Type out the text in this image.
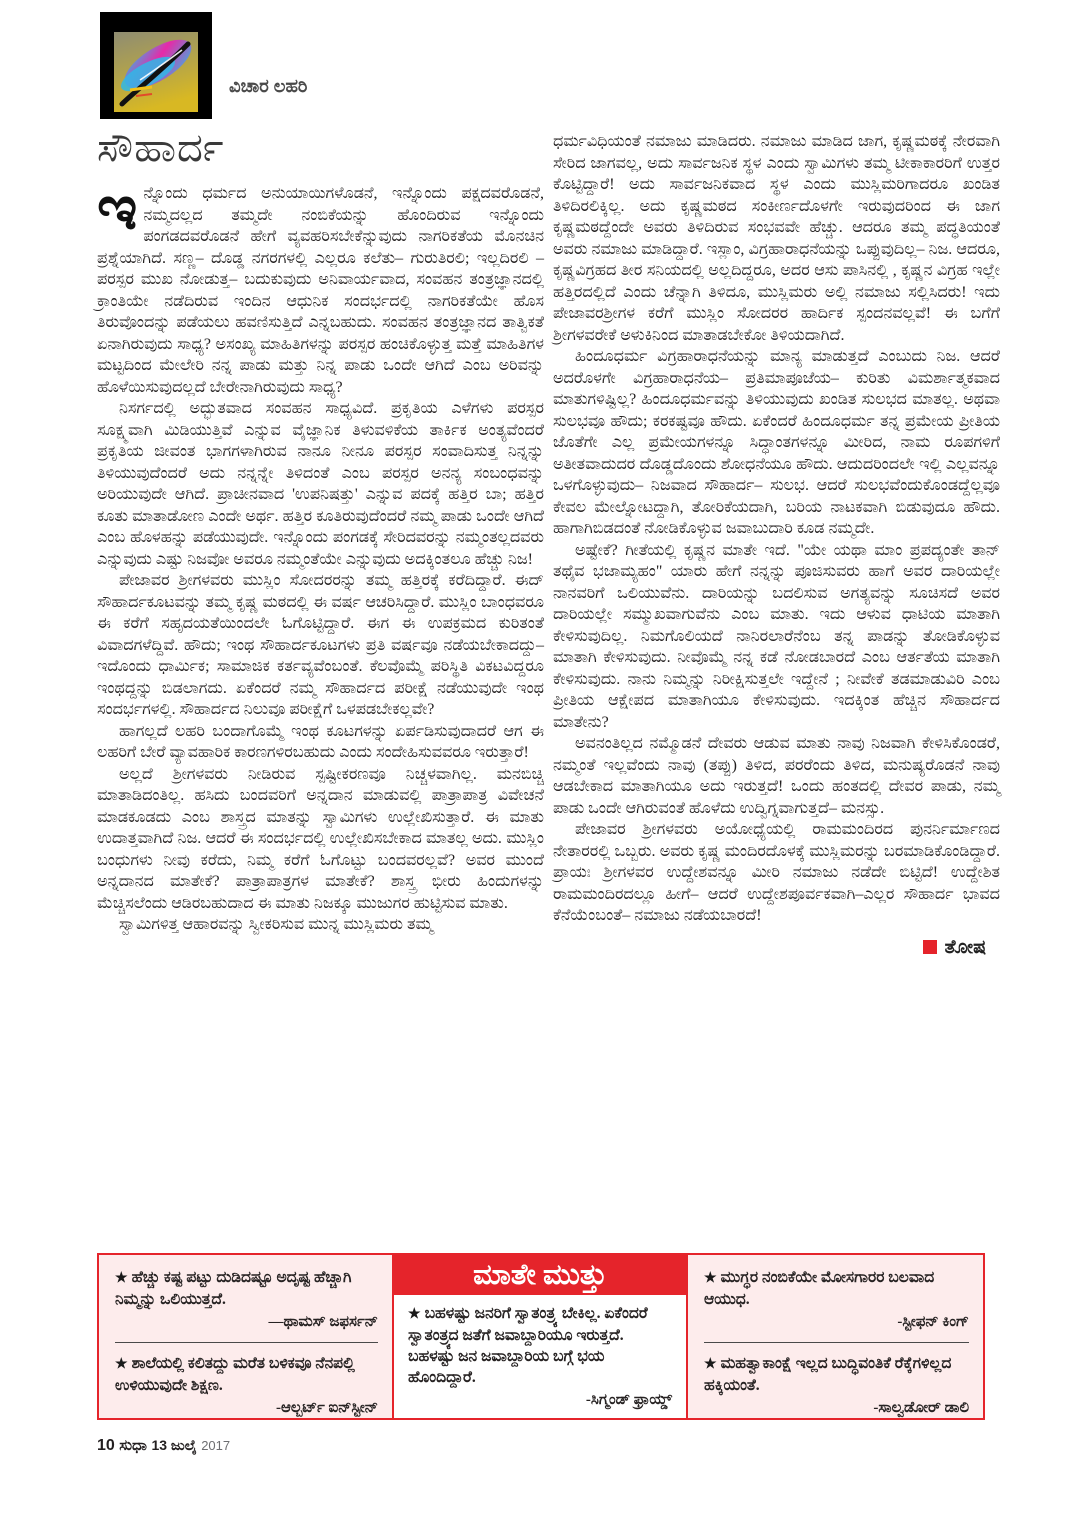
ವಿಚಾರ ಲಹರಿ
ಸೌಹಾರ್ದ

ಇನ್ನೊಂದು ಧರ್ಮದ ಅನುಯಾಯಿಗಳೊಡನೆ, ಇನ್ನೊಂದು ಪಕ್ಷದವರೊಡನೆ, ನಮ್ಮದಲ್ಲದ ತಮ್ಮದೇ ನಂಬಿಕೆಯನ್ನು ಹೊಂದಿರುವ ಇನ್ನೊಂದು ಪಂಗಡದವರೊಡನೆ ಹೇಗೆ ವ್ಯವಹರಿಸಬೇಕೆನ್ನುವುದು ನಾಗರಿಕತೆಯ ಮೊನಚಿನ ಪ್ರಶ್ನೆಯಾಗಿದೆ. ಸಣ್ಣ– ದೊಡ್ಡ ನಗರಗಳಲ್ಲಿ ಎಲ್ಲರೂ ಕಲೆತು– ಗುರುತಿರಲಿ; ಇಲ್ಲದಿರಲಿ –ಪರಸ್ಪರ ಮುಖ ನೋಡುತ್ತ– ಬದುಕುವುದು ಅನಿವಾರ್ಯವಾದ, ಸಂವಹನ ತಂತ್ರಜ್ಞಾನದಲ್ಲಿ ಕ್ರಾಂತಿಯೇ ನಡೆದಿರುವ ಇಂದಿನ ಆಧುನಿಕ ಸಂದರ್ಭದಲ್ಲಿ ನಾಗರಿಕತೆಯೇ ಹೊಸ ತಿರುವೊಂದನ್ನು ಪಡೆಯಲು ಹವಣಿಸುತ್ತಿದೆ ಎನ್ನಬಹುದು. ಸಂವಹನ ತಂತ್ರಜ್ಞಾನದ ತಾತ್ವಿಕತೆ ಏನಾಗಿರುವುದು ಸಾಧ್ಯ? ಅಸಂಖ್ಯ ಮಾಹಿತಿಗಳನ್ನು ಪರಸ್ಪರ ಹಂಚಿಕೊಳ್ಳುತ್ತ ಮತ್ತೆ ಮಾಹಿತಿಗಳ ಮಟ್ಟದಿಂದ ಮೇಲೇರಿ ನನ್ನ ಪಾಡು ಮತ್ತು ನಿನ್ನ ಪಾಡು ಒಂದೇ ಆಗಿದೆ ಎಂಬ ಅರಿವನ್ನು ಹೊಳೆಯಿಸುವುದಲ್ಲದೆ ಬೇರೇನಾಗಿರುವುದು ಸಾಧ್ಯ?

ನಿಸರ್ಗದಲ್ಲಿ ಅದ್ಭುತವಾದ ಸಂವಹನ ಸಾಧ್ಯವಿದೆ. ಪ್ರಕೃತಿಯ ಎಳೆಗಳು ಪರಸ್ಪರ ಸೂಕ್ಷ್ಮವಾಗಿ ಮಿಡಿಯುತ್ತಿವೆ ಎನ್ನುವ ವೈಜ್ಞಾನಿಕ ತಿಳುವಳಿಕೆಯ ತಾರ್ಕಿಕ ಅಂತ್ಯವೆಂದರೆ ಪ್ರಕೃತಿಯ ಜೀವಂತ ಭಾಗಗಳಾಗಿರುವ ನಾನೂ ನೀನೂ ಪರಸ್ಪರ ಸಂವಾದಿಸುತ್ತ ನಿನ್ನನ್ನು ತಿಳಿಯುವುದೆಂದರೆ ಅದು ನನ್ನನ್ನೇ ತಿಳಿದಂತೆ ಎಂಬ ಪರಸ್ಪರ ಅನನ್ಯ ಸಂಬಂಧವನ್ನು ಅರಿಯುವುದೇ ಆಗಿದೆ. ಪ್ರಾಚೀನವಾದ 'ಉಪನಿಷತ್ತು' ಎನ್ನುವ ಪದಕ್ಕೆ ಹತ್ತಿರ ಬಾ; ಹತ್ತಿರ ಕೂತು ಮಾತಾಡೋಣ ಎಂದೇ ಅರ್ಥ. ಹತ್ತಿರ ಕೂತಿರುವುದೆಂದರೆ ನಮ್ಮ ಪಾಡು ಒಂದೇ ಆಗಿದೆ ಎಂಬ ಹೊಳಹನ್ನು ಪಡೆಯುವುದೇ. ಇನ್ನೊಂದು ಪಂಗಡಕ್ಕೆ ಸೇರಿದವರನ್ನು ನಮ್ಮಂತಲ್ಲದವರು ಎನ್ನುವುದು ಎಷ್ಟು ನಿಜವೋ ಅವರೂ ನಮ್ಮಂತೆಯೇ ಎನ್ನುವುದು ಅದಕ್ಕಿಂತಲೂ ಹೆಚ್ಚು ನಿಜ!

ಪೇಜಾವರ ಶ್ರೀಗಳವರು ಮುಸ್ಲಿಂ ಸೋದರರನ್ನು ತಮ್ಮ ಹತ್ತಿರಕ್ಕೆ ಕರೆದಿದ್ದಾರೆ. ಈದ್ ಸೌಹಾರ್ದಕೂಟವನ್ನು ತಮ್ಮ ಕೃಷ್ಣ ಮಠದಲ್ಲಿ ಈ ವರ್ಷ ಆಚರಿಸಿದ್ದಾರೆ. ಮುಸ್ಲಿಂ ಬಾಂಧವರೂ ಈ ಕರೆಗೆ ಸಹೃದಯತೆಯಿಂದಲೇ ಓಗೊಟ್ಟಿದ್ದಾರೆ. ಈಗ ಈ ಉಪಕ್ರಮದ ಕುರಿತಂತೆ ವಿವಾದಗಳೆದ್ದಿವೆ. ಹೌದು; ಇಂಥ ಸೌಹಾರ್ದಕೂಟಗಳು ಪ್ರತಿ ವರ್ಷವೂ ನಡೆಯಬೇಕಾದದ್ದು– ಇದೊಂದು ಧಾರ್ಮಿಕ; ಸಾಮಾಜಿಕ ಕರ್ತವ್ಯವೆಂಬಂತೆ. ಕೆಲವೊಮ್ಮೆ ಪರಿಸ್ಥಿತಿ ವಿಕಟವಿದ್ದರೂ ಇಂಥದ್ದನ್ನು ಬಿಡಲಾಗದು. ಏಕೆಂದರೆ ನಮ್ಮ ಸೌಹಾರ್ದದ ಪರೀಕ್ಷೆ ನಡೆಯುವುದೇ ಇಂಥ ಸಂದರ್ಭಗಳಲ್ಲಿ. ಸೌಹಾರ್ದದ ನಿಲುವೂ ಪರೀಕ್ಷೆಗೆ ಒಳಪಡಬೇಕಲ್ಲವೇ?

ಹಾಗಲ್ಲದೆ ಲಹರಿ ಬಂದಾಗೊಮ್ಮೆ ಇಂಥ ಕೂಟಗಳನ್ನು ಏರ್ಪಡಿಸುವುದಾದರೆ ಆಗ ಈ ಲಹರಿಗೆ ಬೇರೆ ವ್ಯಾವಹಾರಿಕ ಕಾರಣಗಳಿರಬಹುದು ಎಂದು ಸಂದೇಹಿಸುವವರೂ ಇರುತ್ತಾರೆ!

ಅಲ್ಲದೆ ಶ್ರೀಗಳವರು ನೀಡಿರುವ ಸ್ಪಷ್ಟೀಕರಣವೂ ನಿಚ್ಚಳವಾಗಿಲ್ಲ. ಮನಬಿಚ್ಚಿ ಮಾತಾಡಿದಂತಿಲ್ಲ. ಹಸಿದು ಬಂದವರಿಗೆ ಅನ್ನದಾನ ಮಾಡುವಲ್ಲಿ ಪಾತ್ರಾಪಾತ್ರ ವಿವೇಚನೆ ಮಾಡಕೂಡದು ಎಂಬ ಶಾಸ್ತ್ರದ ಮಾತನ್ನು ಸ್ವಾಮಿಗಳು ಉಲ್ಲೇಖಿಸುತ್ತಾರೆ. ಈ ಮಾತು ಉದಾತ್ತವಾಗಿದೆ ನಿಜ. ಆದರೆ ಈ ಸಂದರ್ಭದಲ್ಲಿ ಉಲ್ಲೇಖಿಸಬೇಕಾದ ಮಾತಲ್ಲ ಅದು. ಮುಸ್ಲಿಂ ಬಂಧುಗಳು ನೀವು ಕರೆದು, ನಿಮ್ಮ ಕರೆಗೆ ಓಗೊಟ್ಟು ಬಂದವರಲ್ಲವೆ? ಅವರ ಮುಂದೆ ಅನ್ನದಾನದ ಮಾತೇಕೆ? ಪಾತ್ರಾಪಾತ್ರಗಳ ಮಾತೇಕೆ? ಶಾಸ್ತ್ರ ಭೀರು ಹಿಂದುಗಳನ್ನು ಮೆಚ್ಚಿಸಲೆಂದು ಆಡಿರಬಹುದಾದ ಈ ಮಾತು ನಿಜಕ್ಕೂ ಮುಜುಗರ ಹುಟ್ಟಿಸುವ ಮಾತು.

ಸ್ವಾಮಿಗಳಿತ್ತ ಆಹಾರವನ್ನು ಸ್ವೀಕರಿಸುವ ಮುನ್ನ ಮುಸ್ಲಿಮರು ತಮ್ಮ

ಧರ್ಮವಿಧಿಯಂತೆ ನಮಾಜು ಮಾಡಿದರು. ನಮಾಜು ಮಾಡಿದ ಜಾಗ, ಕೃಷ್ಣಮಠಕ್ಕೆ ನೇರವಾಗಿ ಸೇರಿದ ಜಾಗವಲ್ಲ, ಅದು ಸಾರ್ವಜನಿಕ ಸ್ಥಳ ಎಂದು ಸ್ವಾಮಿಗಳು ತಮ್ಮ ಟೀಕಾಕಾರರಿಗೆ ಉತ್ತರ ಕೊಟ್ಟಿದ್ದಾರೆ! ಅದು ಸಾರ್ವಜನಿಕವಾದ ಸ್ಥಳ ಎಂದು ಮುಸ್ಲಿಮರಿಗಾದರೂ ಖಂಡಿತ ತಿಳಿದಿರಲಿಕ್ಕಿಲ್ಲ. ಅದು ಕೃಷ್ಣಮಠದ ಸಂಕೀರ್ಣದೊಳಗೇ ಇರುವುದರಿಂದ ಈ ಜಾಗ ಕೃಷ್ಣಮಠದ್ದೆಂದೇ ಅವರು ತಿಳಿದಿರುವ ಸಂಭವವೇ ಹೆಚ್ಚು. ಆದರೂ ತಮ್ಮ ಪದ್ಧತಿಯಂತೆ ಅವರು ನಮಾಜು ಮಾಡಿದ್ದಾರೆ. ಇಸ್ಲಾಂ, ವಿಗ್ರಹಾರಾಧನೆಯನ್ನು ಒಪ್ಪುವುದಿಲ್ಲ– ನಿಜ. ಆದರೂ, ಕೃಷ್ಣವಿಗ್ರಹದ ತೀರ ಸನಿಯದಲ್ಲಿ ಅಲ್ಲದಿದ್ದರೂ, ಅದರ ಆಸು ಪಾಸಿನಲ್ಲಿ , ಕೃಷ್ಣನ ವಿಗ್ರಹ ಇಲ್ಲೇ ಹತ್ತಿರದಲ್ಲಿದೆ ಎಂದು ಚೆನ್ನಾಗಿ ತಿಳಿದೂ, ಮುಸ್ಲಿಮರು ಅಲ್ಲಿ ನಮಾಜು ಸಲ್ಲಿಸಿದರು! ಇದು ಪೇಜಾವರಶ್ರೀಗಳ ಕರೆಗೆ ಮುಸ್ಲಿಂ ಸೋದರರ ಹಾರ್ದಿಕ ಸ್ಪಂದನವಲ್ಲವೆ! ಈ ಬಗೆಗೆ ಶ್ರೀಗಳವರೇಕೆ ಅಳುಕಿನಿಂದ ಮಾತಾಡಬೇಕೋ ತಿಳಿಯದಾಗಿದೆ.

ಹಿಂದೂಧರ್ಮ ವಿಗ್ರಹಾರಾಧನೆಯನ್ನು ಮಾನ್ಯ ಮಾಡುತ್ತದೆ ಎಂಬುದು ನಿಜ. ಆದರೆ ಅದರೊಳಗೇ ವಿಗ್ರಹಾರಾಧನೆಯ– ಪ್ರತಿಮಾಪೂಜೆಯ– ಕುರಿತು ವಿಮರ್ಶಾತ್ಮಕವಾದ ಮಾತುಗಳಿಷ್ಟಿಲ್ಲ? ಹಿಂದೂಧರ್ಮವನ್ನು ತಿಳಿಯುವುದು ಖಂಡಿತ ಸುಲಭದ ಮಾತಲ್ಲ. ಅಥವಾ ಸುಲಭವೂ ಹೌದು; ಕರಕಷ್ಟವೂ ಹೌದು. ಏಕೆಂದರೆ ಹಿಂದೂಧರ್ಮ ತನ್ನ ಪ್ರಮೇಯ ಪ್ರೀತಿಯ ಜೊತೆಗೇ ಎಲ್ಲ ಪ್ರಮೇಯಗಳನ್ನೂ ಸಿದ್ಧಾಂತಗಳನ್ನೂ ಮೀರಿದ, ನಾಮ ರೂಪಗಳಿಗೆ ಅತೀತವಾದುದರ ದೊಡ್ಡದೊಂದು ಶೋಧನೆಯೂ ಹೌದು. ಆದುದರಿಂದಲೇ ಇಲ್ಲಿ ಎಲ್ಲವನ್ನೂ ಒಳಗೊಳ್ಳುವುದು– ನಿಜವಾದ ಸೌಹಾರ್ದ– ಸುಲಭ. ಆದರೆ ಸುಲಭವೆಂದುಕೊಂಡದ್ದೆಲ್ಲವೂ ಕೇವಲ ಮೇಲ್ನೋಟದ್ದಾಗಿ, ತೋರಿಕೆಯದಾಗಿ, ಬರಿಯ ನಾಟಕವಾಗಿ ಬಿಡುವುದೂ ಹೌದು. ಹಾಗಾಗಿಬಿಡದಂತೆ ನೋಡಿಕೊಳ್ಳುವ ಜವಾಬುದಾರಿ ಕೂಡ ನಮ್ಮದೇ.

ಅಷ್ಟೇಕೆ? ಗೀತೆಯಲ್ಲಿ ಕೃಷ್ಣನ ಮಾತೇ ಇದೆ. "ಯೇ ಯಥಾ ಮಾಂ ಪ್ರಪದ್ಯಂತೇ ತಾನ್ ತಥೈವ ಭಜಾಮ್ಯಹಂ" ಯಾರು ಹೇಗೆ ನನ್ನನ್ನು ಪೂಜಿಸುವರು ಹಾಗೆ ಅವರ ದಾರಿಯಲ್ಲೇ ನಾನವರಿಗೆ ಒಲಿಯುವೆನು. ದಾರಿಯನ್ನು ಬದಲಿಸುವ ಅಗತ್ಯವನ್ನು ಸೂಚಿಸದೆ ಅವರ ದಾರಿಯಲ್ಲೇ ಸಮ್ಮುಖವಾಗುವೆನು ಎಂಬ ಮಾತು. ಇದು ಆಳುವ ಧಾಟಿಯ ಮಾತಾಗಿ ಕೇಳಿಸುವುದಿಲ್ಲ. ನಿಮಗೊಲಿಯದೆ ನಾನಿರಲಾರೆನೆಂಬ ತನ್ನ ಪಾಡನ್ನು ತೋಡಿಕೊಳ್ಳುವ ಮಾತಾಗಿ ಕೇಳಿಸುವುದು. ನೀವೊಮ್ಮೆ ನನ್ನ ಕಡೆ ನೋಡಬಾರದೆ ಎಂಬ ಆರ್ತತೆಯ ಮಾತಾಗಿ ಕೇಳಿಸುವುದು. ನಾನು ನಿಮ್ಮನ್ನು ನಿರೀಕ್ಷಿಸುತ್ತಲೇ ಇದ್ದೇನೆ ; ನೀವೇಕೆ ತಡಮಾಡುವಿರಿ ಎಂಬ ಪ್ರೀತಿಯ ಆಕ್ಷೇಪದ ಮಾತಾಗಿಯೂ ಕೇಳಿಸುವುದು. ಇದಕ್ಕಿಂತ ಹೆಚ್ಚಿನ ಸೌಹಾರ್ದದ ಮಾತೇನು?

ಅವನಂತಿಲ್ಲದ ನಮ್ಮೊಡನೆ ದೇವರು ಆಡುವ ಮಾತು ನಾವು ನಿಜವಾಗಿ ಕೇಳಿಸಿಕೊಂಡರೆ, ನಮ್ಮಂತೆ ಇಲ್ಲವೆಂದು ನಾವು (ತಪ್ಪು) ತಿಳಿದ, ಪರರೆಂದು ತಿಳಿದ, ಮನುಷ್ಯರೊಡನೆ ನಾವು ಆಡಬೇಕಾದ ಮಾತಾಗಿಯೂ ಅದು ಇರುತ್ತದೆ! ಒಂದು ಹಂತದಲ್ಲಿ ದೇವರ ಪಾಡು, ನಮ್ಮ ಪಾಡು ಒಂದೇ ಆಗಿರುವಂತೆ ಹೊಳೆದು ಉದ್ವಿಗ್ನವಾಗುತ್ತದೆ– ಮನಸ್ಸು.

ಪೇಜಾವರ ಶ್ರೀಗಳವರು ಅಯೋಧ್ಯೆಯಲ್ಲಿ ರಾಮಮಂದಿರದ ಪುನರ್ನಿರ್ಮಾಣದ ನೇತಾರರಲ್ಲಿ ಒಬ್ಬರು. ಅವರು ಕೃಷ್ಣ ಮಂದಿರದೊಳಕ್ಕೆ ಮುಸ್ಲಿಮರನ್ನು ಬರಮಾಡಿಕೊಂಡಿದ್ದಾರೆ. ಪ್ರಾಯಃ ಶ್ರೀಗಳವರ ಉದ್ದೇಶವನ್ನೂ ಮೀರಿ ನಮಾಜು ನಡೆದೇ ಬಿಟ್ಟಿದೆ! ಉದ್ದೇಶಿತ ರಾಮಮಂದಿರದಲ್ಲೂ ಹೀಗೆ– ಆದರೆ ಉದ್ದೇಶಪೂರ್ವಕವಾಗಿ–ಎಲ್ಲರ ಸೌಹಾರ್ದ ಭಾವದ ಕೆನೆಯೆಂಬಂತೆ– ನಮಾಜು ನಡೆಯಬಾರದೆ!

ತೋಷ
★ ಹೆಚ್ಚು ಕಷ್ಟ ಪಟ್ಟು ದುಡಿದಷ್ಟೂ ಅದೃಷ್ಟ ಹೆಚ್ಚಾಗಿ ನಿಮ್ಮನ್ನು ಒಲಿಯುತ್ತದೆ.
—ಥಾಮಸ್ ಜಫರ್ಸನ್
★ ಶಾಲೆಯಲ್ಲಿ ಕಲಿತದ್ದು ಮರೆತ ಬಳಿಕವೂ ನೆನಪಲ್ಲಿ ಉಳಿಯುವುದೇ ಶಿಕ್ಷಣ.
-ಆಲ್ಬರ್ಟ್ ಐನ್‌ಸ್ಟೀನ್
ಮಾತೇ ಮುತ್ತು
★ ಬಹಳಷ್ಟು ಜನರಿಗೆ ಸ್ವಾತಂತ್ರ್ಯ ಬೇಕಿಲ್ಲ. ಏಕೆಂದರೆ ಸ್ವಾತಂತ್ರ್ಯದ ಜತೆಗೆ ಜವಾಬ್ದಾರಿಯೂ ಇರುತ್ತದೆ. ಬಹಳಷ್ಟು ಜನ ಜವಾಬ್ದಾರಿಯ ಬಗ್ಗೆ ಭಯ ಹೊಂದಿದ್ದಾರೆ.
-ಸಿಗ್ಮಂಡ್ ಫ್ರಾಯ್ಡ್
★ ಮುಗ್ಧರ ನಂಬಿಕೆಯೇ ಮೋಸಗಾರರ ಬಲವಾದ ಆಯುಧ.
-ಸ್ಟೀಫನ್ ಕಿಂಗ್
★ ಮಹತ್ವಾಕಾಂಕ್ಷೆ ಇಲ್ಲದ ಬುದ್ಧಿವಂತಿಕೆ ರೆಕ್ಕೆಗಳಿಲ್ಲದ ಹಕ್ಕಿಯಂತೆ.
-ಸಾಲ್ವಡೋರ್ ಡಾಲಿ
10 ಸುಧಾ 13 ಜುಲೈ 2017
